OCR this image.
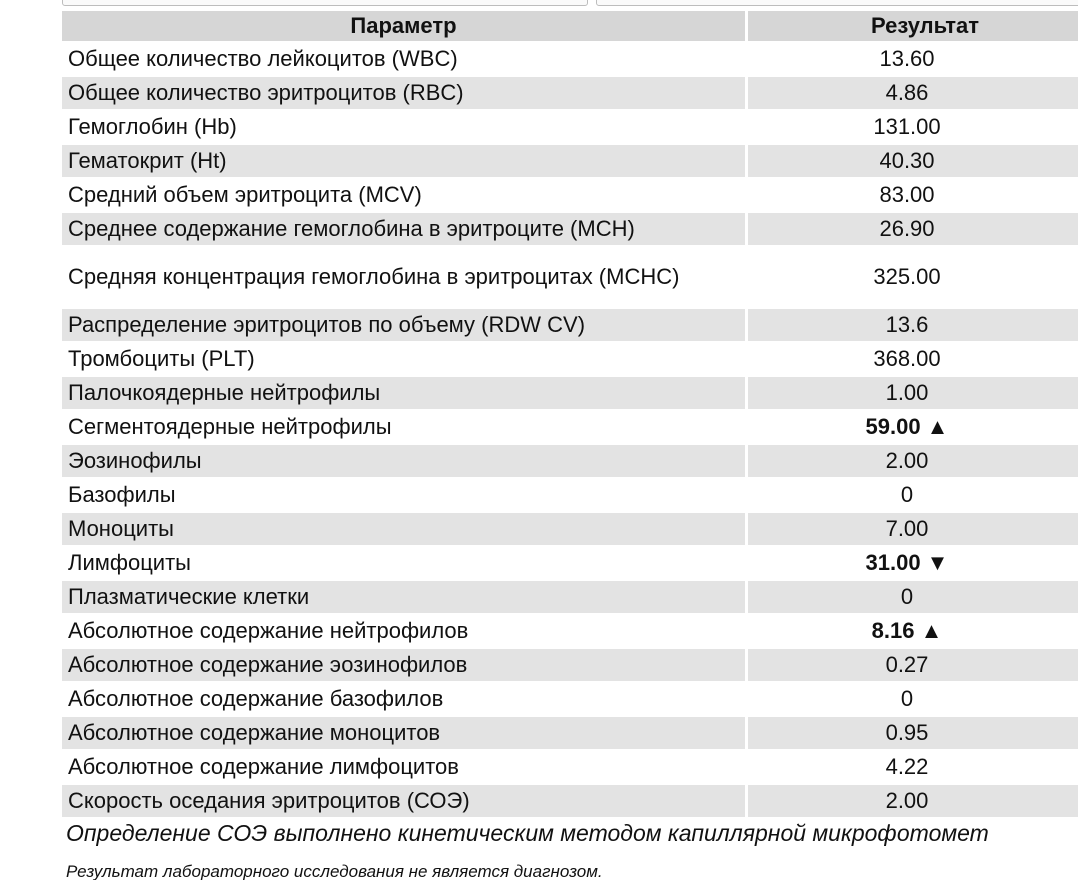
Параметр	Результат
Общее количество лейкоцитов (WBC)	13.60
Общее количество эритроцитов (RBC)	4.86
Гемоглобин (Hb)	131.00
Гематокрит (Ht)	40.30
Средний объем эритроцита (MCV)	83.00
Среднее содержание гемоглобина в эритроците (MCH)	26.90
Средняя концентрация гемоглобина в эритроцитах (MCHC)	325.00
Распределение эритроцитов по объему (RDW CV)	13.6
Тромбоциты (PLT)	368.00
Палочкоядерные нейтрофилы	1.00
Сегментоядерные нейтрофилы	59.00 ▲
Эозинофилы	2.00
Базофилы	0
Моноциты	7.00
Лимфоциты	31.00 ▼
Плазматические клетки	0
Абсолютное содержание нейтрофилов	8.16 ▲
Абсолютное содержание эозинофилов	0.27
Абсолютное содержание базофилов	0
Абсолютное содержание моноцитов	0.95
Абсолютное содержание лимфоцитов	4.22
Скорость оседания эритроцитов (СОЭ)	2.00
Определение СОЭ выполнено кинетическим методом капиллярной микрофотомет
Результат лабораторного исследования не является диагнозом.
